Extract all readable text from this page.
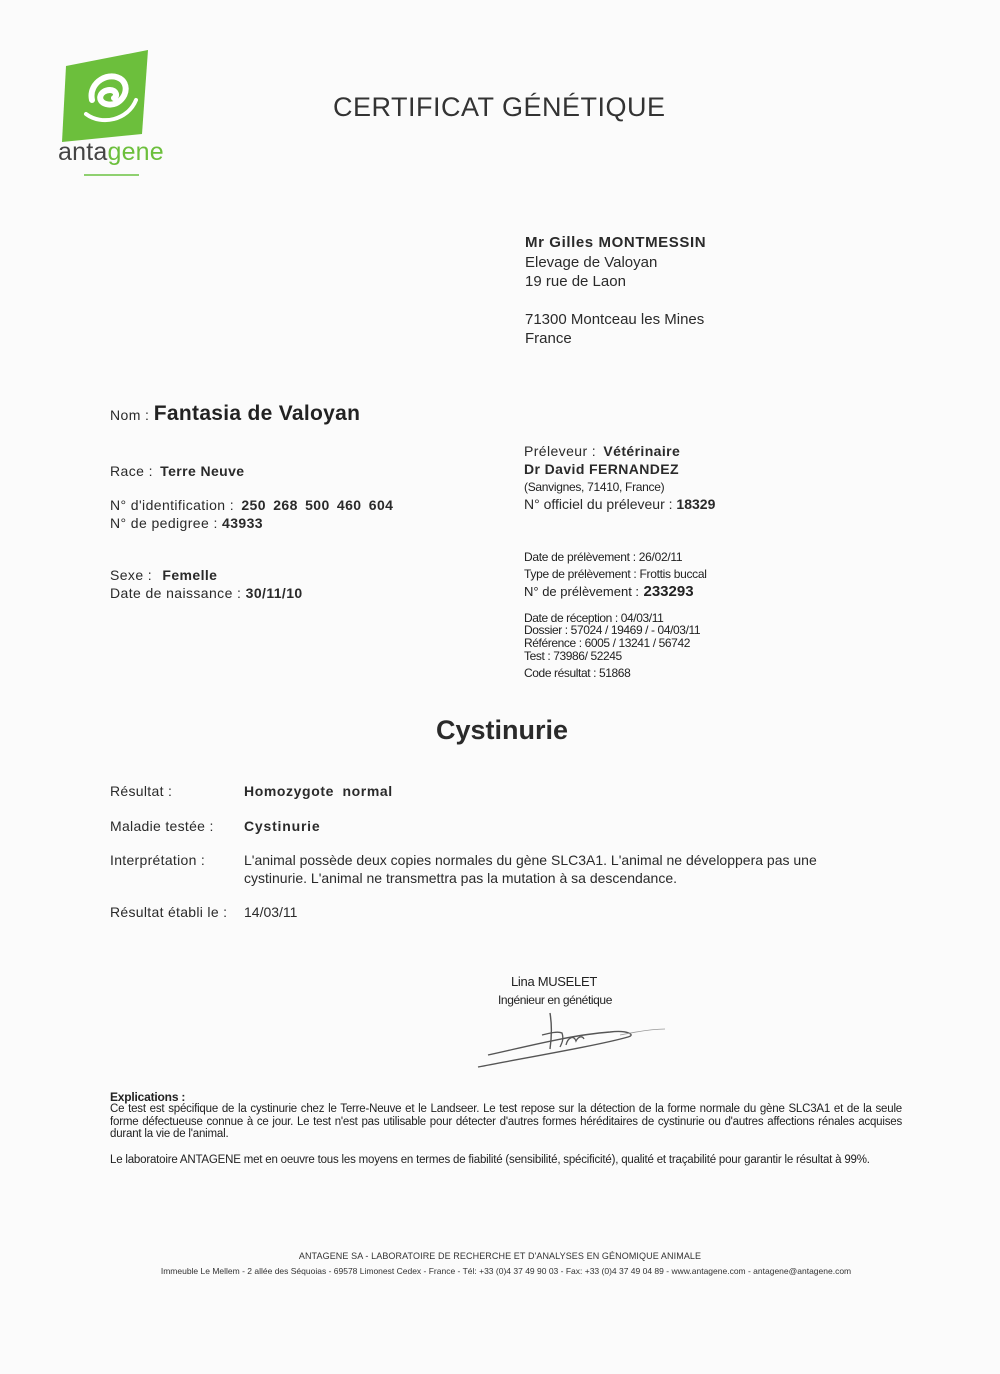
antagene
CERTIFICAT GÉNÉTIQUE
Mr Gilles MONTMESSIN
Elevage de Valoyan
19 rue de Laon
71300 Montceau les Mines
France
Nom : Fantasia de Valoyan
Race : Terre Neuve
N° d'identification : 250 268 500 460 604
N° de pedigree : 43933
Sexe : Femelle
Date de naissance : 30/11/10
Préleveur : Vétérinaire
Dr David FERNANDEZ
(Sanvignes, 71410, France)
N° officiel du préleveur : 18329
Date de prélèvement : 26/02/11
Type de prélèvement : Frottis buccal
N° de prélèvement : 233293
Date de réception : 04/03/11
Dossier : 57024 / 19469 / - 04/03/11
Référence : 6005 / 13241 / 56742
Test : 73986/ 52245
Code résultat : 51868
Cystinurie
Résultat :	Homozygote normal
Maladie testée : Cystinurie
Interprétation :	L'animal possède deux copies normales du gène SLC3A1. L'animal ne développera pas une
cystinurie. L'animal ne transmettra pas la mutation à sa descendance.
Résultat établi le : 14/03/11
Lina MUSELET
Ingénieur en génétique
Explications :
Ce test est spécifique de la cystinurie chez le Terre-Neuve et le Landseer. Le test repose sur la détection de la forme normale du gène SLC3A1 et de la seule forme défectueuse connue à ce jour. Le test n'est pas utilisable pour détecter d'autres formes héréditaires de cystinurie ou d'autres affections rénales acquises durant la vie de l'animal.
Le laboratoire ANTAGENE met en oeuvre tous les moyens en termes de fiabilité (sensibilité, spécificité), qualité et traçabilité pour garantir le résultat à 99%.
ANTAGENE SA - LABORATOIRE DE RECHERCHE ET D'ANALYSES EN GÉNOMIQUE ANIMALE
Immeuble Le Mellem - 2 allée des Séquoias - 69578 Limonest Cedex - France - Tél: +33 (0)4 37 49 90 03 - Fax: +33 (0)4 37 49 04 89 - www.antagene.com - antagene@antagene.com
